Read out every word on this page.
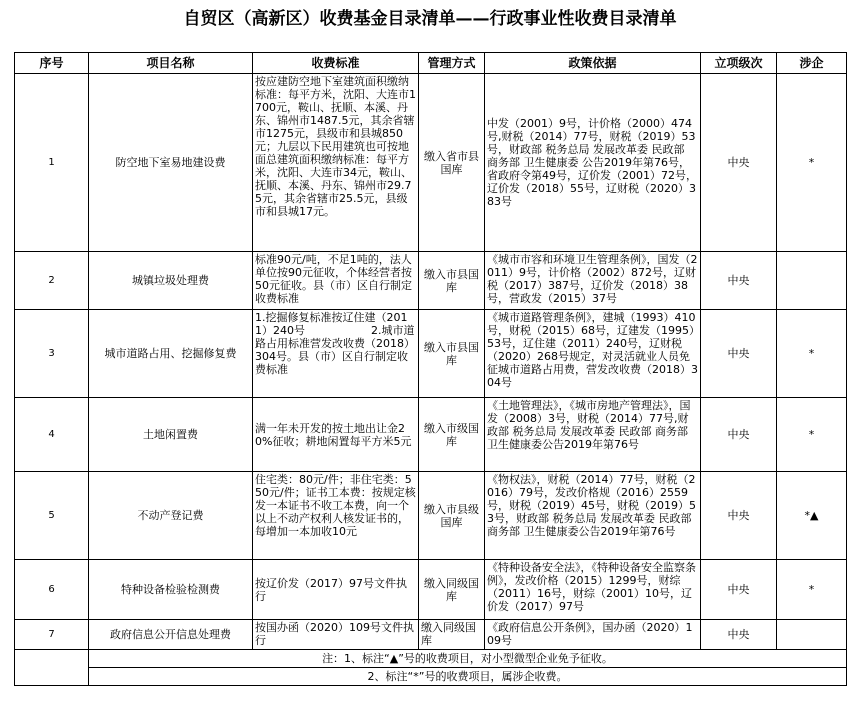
自贸区（高新区）收费基金目录清单——行政事业性收费目录清单
序号	项目名称	收费标准	管理方式	政策依据	立项级次	涉企
1	防空地下室易地建设费	按应建防空地下室建筑面积缴纳标准：每平方米，沈阳、大连市1700元，鞍山、抚顺、本溪、丹东、锦州市1487.5元，其余省辖市1275元，县级市和县城850元；九层以下民用建筑也可按地面总建筑面积缴纳标准：每平方米，沈阳、大连市34元，鞍山、抚顺、本溪、丹东、锦州市29.75元，其余省辖市25.5元，县级市和县城17元。	缴入省市县国库	中发（2001）9号，计价格（2000）474号,财税（2014）77号，财税（2019）53号，财政部 税务总局 发展改革委 民政部 商务部 卫生健康委 公告2019年第76号，省政府令第49号，辽价发（2001）72号，辽价发（2018）55号，辽财税（2020）383号	中央	*
2	城镇垃圾处理费	标准90元/吨，不足1吨的，法人单位按90元征收，个体经营者按50元征收。县（市）区自行制定收费标准	缴入市县国库	《城市市容和环境卫生管理条例》，国发（2011）9号，计价格（2002）872号，辽财税（2017）387号，辽价发（2018）38号，营政发（2015）37号	中央	
3	城市道路占用、挖掘修复费	1.挖掘修复标准按辽住建（2011）240号　　　　　　2.城市道路占用标准营发改收费（2018）304号。县（市）区自行制定收费标准	缴入市县国库	《城市道路管理条例》，建城（1993）410号，财税（2015）68号，辽建发（1995）53号，辽住建（2011）240号，辽财税（2020）268号规定，对灵活就业人员免征城市道路占用费，营发改收费（2018）304号	中央	*
4	土地闲置费	满一年未开发的按土地出让金20%征收；耕地闲置每平方米5元	缴入市级国库	《土地管理法》，《城市房地产管理法》，国发（2008）3号，财税（2014）77号,财政部 税务总局 发展改革委 民政部 商务部 卫生健康委公告2019年第76号	中央	*
5	不动产登记费	住宅类：80元/件；非住宅类：550元/件；证书工本费：按规定核发一本证书不收工本费，向一个以上不动产权利人核发证书的，每增加一本加收10元	缴入市县级国库	《物权法》，财税（2014）77号，财税（2016）79号，发改价格规（2016）2559号，财税（2019）45号，财税（2019）53号，财政部 税务总局 发展改革委 民政部 商务部 卫生健康委公告2019年第76号	中央	*▲
6	特种设备检验检测费	按辽价发（2017）97号文件执行	缴入同级国库	《特种设备安全法》，《特种设备安全监察条例》，发改价格（2015）1299号，财综（2011）16号，财综（2001）10号，辽价发（2017）97号	中央	*
7	政府信息公开信息处理费	按国办函（2020）109号文件执行	缴入同级国库	《政府信息公开条例》，国办函（2020）109号	中央	
	注：1、标注“▲”号的收费项目，对小型微型企业免予征收。					
	2、标注“*”号的收费项目，属涉企收费。					
